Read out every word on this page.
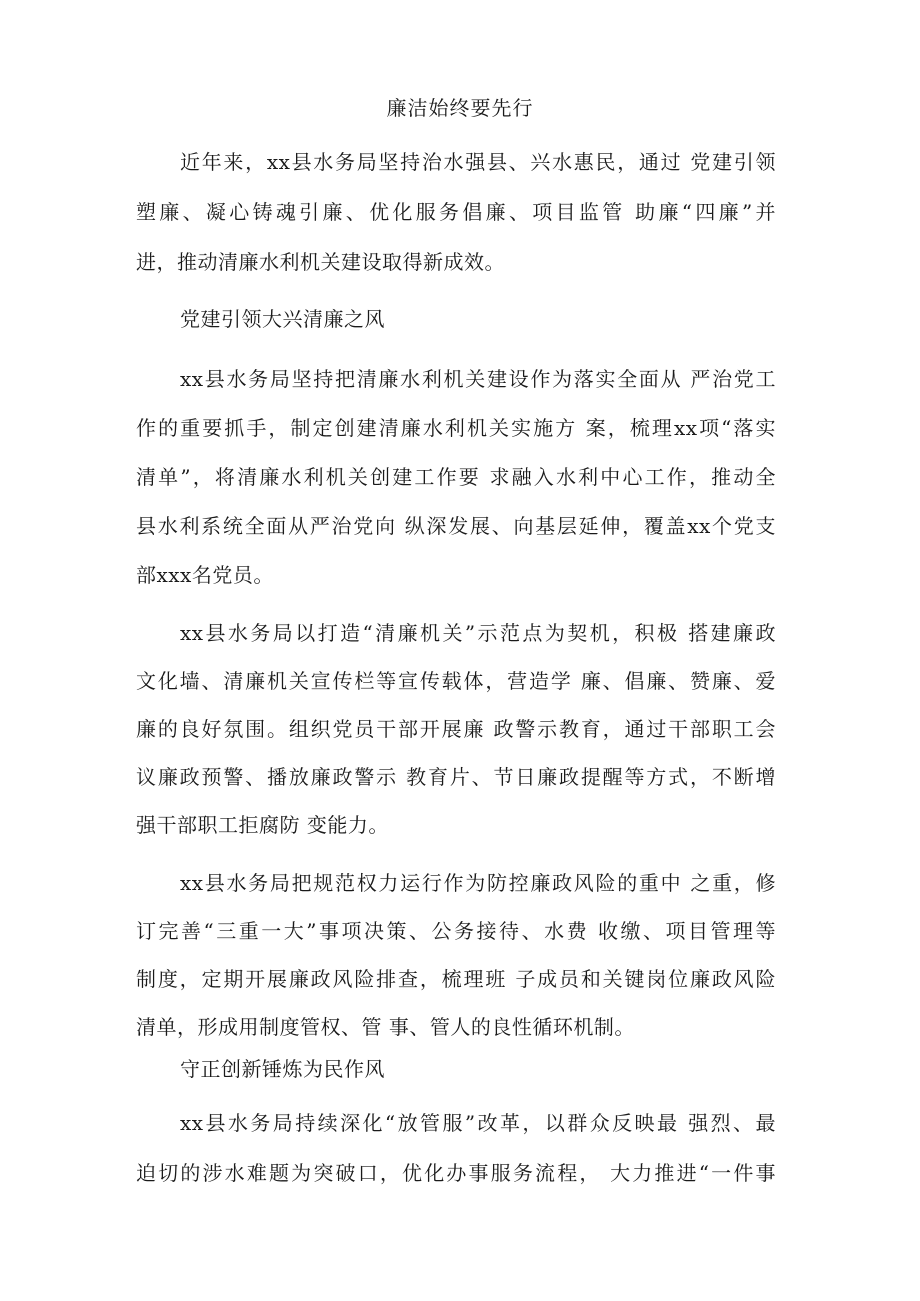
廉洁始终要先行
近年来，xx县水务局坚持治水强县、兴水惠民，通过 党建引领
塑廉、凝心铸魂引廉、优化服务倡廉、项目监管 助廉“四廉”并
进，推动清廉水利机关建设取得新成效。
党建引领大兴清廉之风
xx县水务局坚持把清廉水利机关建设作为落实全面从 严治党工
作的重要抓手，制定创建清廉水利机关实施方 案，梳理xx项“落实
清单”，将清廉水利机关创建工作要 求融入水利中心工作，推动全
县水利系统全面从严治党向 纵深发展、向基层延伸，覆盖xx个党支
部xxx名党员。
xx县水务局以打造“清廉机关”示范点为契机，积极 搭建廉政
文化墙、清廉机关宣传栏等宣传载体，营造学 廉、倡廉、赞廉、爱
廉的良好氛围。组织党员干部开展廉 政警示教育，通过干部职工会
议廉政预警、播放廉政警示 教育片、节日廉政提醒等方式，不断增
强干部职工拒腐防 变能力。
xx县水务局把规范权力运行作为防控廉政风险的重中 之重，修
订完善“三重一大”事项决策、公务接待、水费 收缴、项目管理等
制度，定期开展廉政风险排查，梳理班 子成员和关键岗位廉政风险
清单，形成用制度管权、管 事、管人的良性循环机制。
守正创新锤炼为民作风
xx县水务局持续深化“放管服”改革，以群众反映最 强烈、最
迫切的涉水难题为突破口，优化办事服务流程， 大力推进“一件事
